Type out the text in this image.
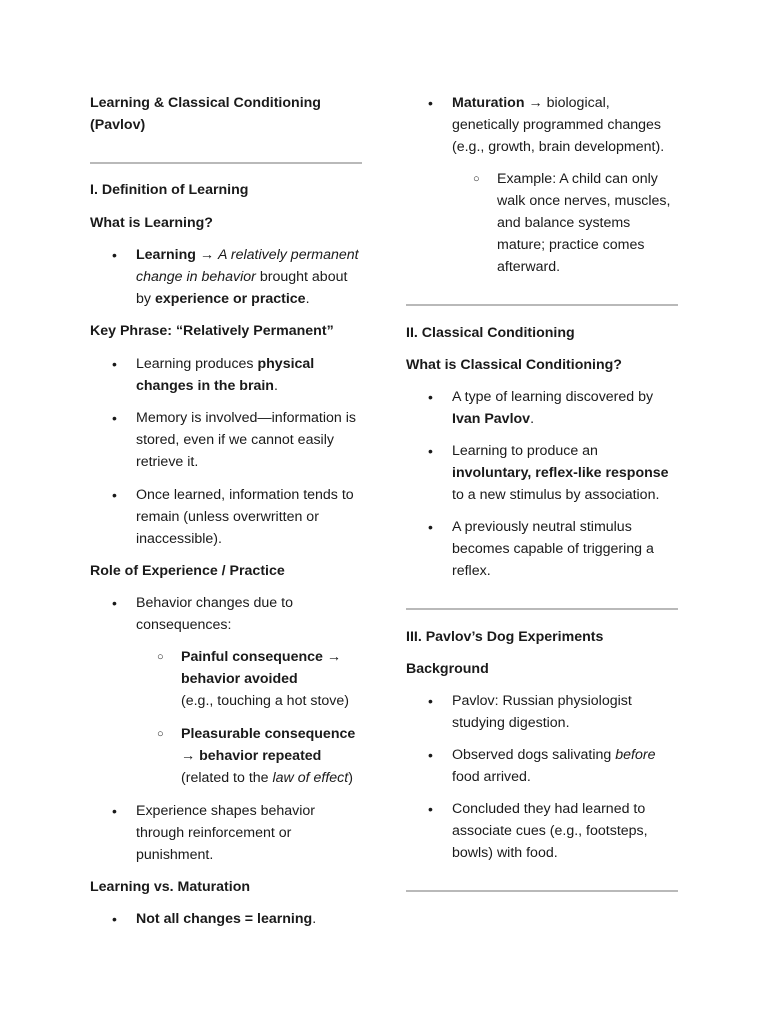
Learning & Classical Conditioning (Pavlov)
I. Definition of Learning
What is Learning?
• Learning → A relatively permanent change in behavior brought about by experience or practice.
Key Phrase: “Relatively Permanent”
• Learning produces physical changes in the brain.
• Memory is involved—information is stored, even if we cannot easily retrieve it.
• Once learned, information tends to remain (unless overwritten or inaccessible).
Role of Experience / Practice
• Behavior changes due to consequences:
○ Painful consequence → behavior avoided
(e.g., touching a hot stove)
○ Pleasurable consequence → behavior repeated
(related to the law of effect)
• Experience shapes behavior through reinforcement or punishment.
Learning vs. Maturation
• Not all changes = learning.
• Maturation → biological, genetically programmed changes (e.g., growth, brain development).
○ Example: A child can only walk once nerves, muscles, and balance systems mature; practice comes afterward.
II. Classical Conditioning
What is Classical Conditioning?
• A type of learning discovered by Ivan Pavlov.
• Learning to produce an involuntary, reflex-like response to a new stimulus by association.
• A previously neutral stimulus becomes capable of triggering a reflex.
III. Pavlov’s Dog Experiments
Background
• Pavlov: Russian physiologist studying digestion.
• Observed dogs salivating before food arrived.
• Concluded they had learned to associate cues (e.g., footsteps, bowls) with food.
